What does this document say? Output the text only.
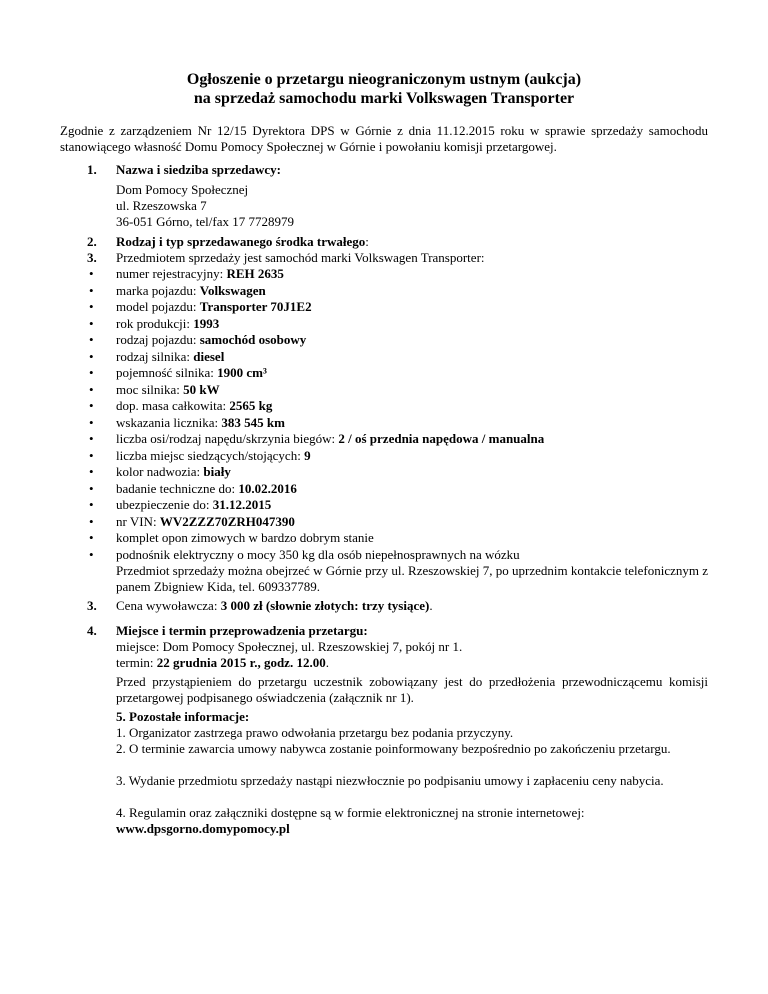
Ogłoszenie o przetargu nieograniczonym ustnym (aukcja)
na sprzedaż samochodu marki Volkswagen Transporter
Zgodnie z zarządzeniem Nr 12/15 Dyrektora DPS w Górnie z dnia 11.12.2015 roku w sprawie sprzedaży samochodu stanowiącego własność Domu Pomocy Społecznej w Górnie i powołaniu komisji przetargowej.
1.	Nazwa i siedziba sprzedawcy:
Dom Pomocy Społecznej
ul. Rzeszowska 7
36-051 Górno, tel/fax 17 7728979
2.	Rodzaj i typ sprzedawanego środka trwałego:
3.	Przedmiotem sprzedaży jest samochód marki Volkswagen Transporter:
•	numer rejestracyjny: REH 2635
•	marka pojazdu: Volkswagen
•	model pojazdu: Transporter 70J1E2
•	rok produkcji: 1993
•	rodzaj pojazdu: samochód osobowy
•	rodzaj silnika: diesel
•	pojemność silnika: 1900 cm³
•	moc silnika: 50 kW
•	dop. masa całkowita: 2565 kg
•	wskazania licznika: 383 545 km
•	liczba osi/rodzaj napędu/skrzynia biegów: 2 / oś przednia napędowa / manualna
•	liczba miejsc siedzących/stojących: 9
•	kolor nadwozia: biały
•	badanie techniczne do: 10.02.2016
•	ubezpieczenie do: 31.12.2015
•	nr VIN: WV2ZZZ70ZRH047390
•	komplet opon zimowych w bardzo dobrym stanie
•	podnośnik elektryczny o mocy 350 kg dla osób niepełnosprawnych na wózku
Przedmiot sprzedaży można obejrzeć w Górnie przy ul. Rzeszowskiej 7, po uprzednim kontakcie telefonicznym z panem Zbigniew Kida, tel. 609337789.
3.	Cena wywoławcza: 3 000 zł (słownie złotych: trzy tysiące).
4.	Miejsce i termin przeprowadzenia przetargu:
miejsce: Dom Pomocy Społecznej, ul. Rzeszowskiej 7, pokój nr 1.
termin: 22 grudnia 2015 r., godz. 12.00.
Przed przystąpieniem do przetargu uczestnik zobowiązany jest do przedłożenia przewodniczącemu komisji przetargowej podpisanego oświadczenia (załącznik nr 1).
5. Pozostałe informacje:
1. Organizator zastrzega prawo odwołania przetargu bez podania przyczyny.
2. O terminie zawarcia umowy nabywca zostanie poinformowany bezpośrednio po zakończeniu przetargu.
3. Wydanie przedmiotu sprzedaży nastąpi niezwłocznie po podpisaniu umowy i zapłaceniu ceny nabycia.
4. Regulamin oraz załączniki dostępne są w formie elektronicznej na stronie internetowej:
www.dpsgorno.domypomocy.pl
